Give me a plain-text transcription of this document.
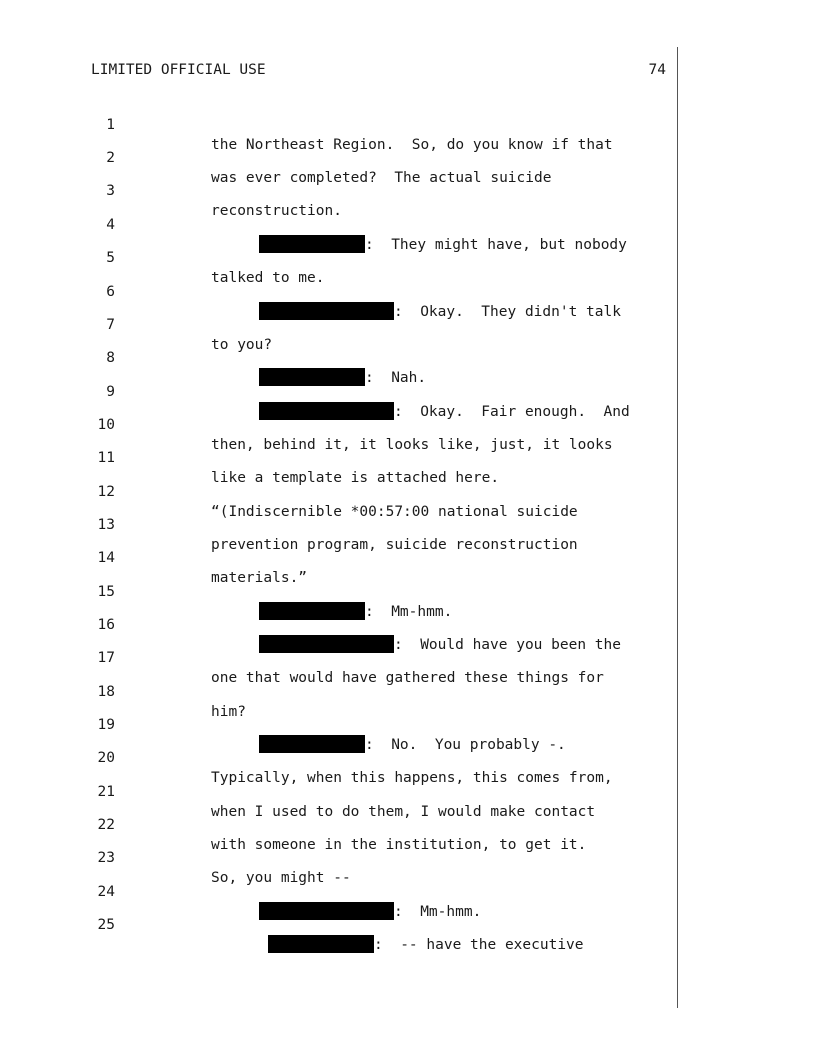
LIMITED OFFICIAL USE	74

1

the Northeast Region.  So, do you know if that

2

was ever completed?  The actual suicide

3

reconstruction.

4

:  They might have, but nobody

5

talked to me.

6

:  Okay.  They didn't talk

7

to you?

8

:  Nah.

9

:  Okay.  Fair enough.  And

10

then, behind it, it looks like, just, it looks

11

like a template is attached here.

12

“(Indiscernible *00:57:00 national suicide

13

prevention program, suicide reconstruction

14

materials.”

15

:  Mm-hmm.

16

:  Would have you been the

17

one that would have gathered these things for

18

him?

19

:  No.  You probably -.

20

Typically, when this happens, this comes from,

21

when I used to do them, I would make contact

22

with someone in the institution, to get it.

23

So, you might --

24

:  Mm-hmm.

25

:  -- have the executive
